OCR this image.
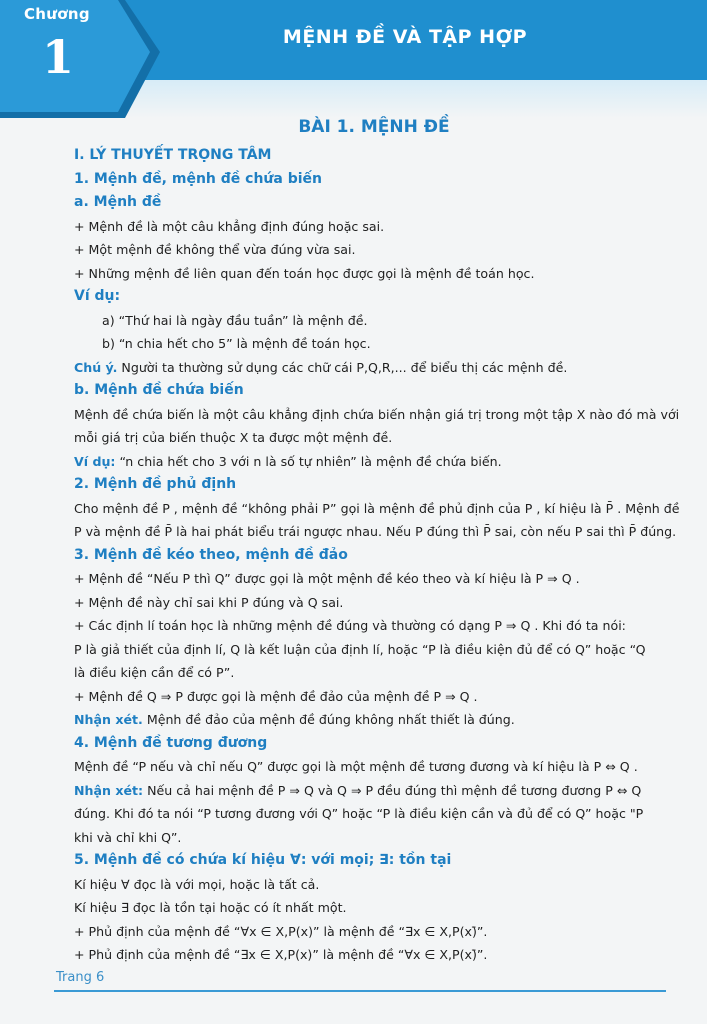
Chương
1	MỆNH ĐỀ VÀ TẬP HỢP
BÀI 1. MỆNH ĐỀ
I. LÝ THUYẾT TRỌNG TÂM
1. Mệnh đề, mệnh đề chứa biến
a. Mệnh đề
+ Mệnh đề là một câu khẳng định đúng hoặc sai.
+ Một mệnh đề không thể vừa đúng vừa sai.
+ Những mệnh đề liên quan đến toán học được gọi là mệnh đề toán học.
Ví dụ:
a) “Thứ hai là ngày đầu tuần” là mệnh đề.
b) “n chia hết cho 5” là mệnh đề toán học.
Chú ý. Người ta thường sử dụng các chữ cái P,Q,R,... để biểu thị các mệnh đề.
b. Mệnh đề chứa biến
Mệnh đề chứa biến là một câu khẳng định chứa biến nhận giá trị trong một tập X nào đó mà với
mỗi giá trị của biến thuộc X ta được một mệnh đề.
Ví dụ: “n chia hết cho 3 với n là số tự nhiên” là mệnh đề chứa biến.
2. Mệnh đề phủ định
Cho mệnh đề P , mệnh đề “không phải P” gọi là mệnh đề phủ định của P , kí hiệu là P̄ . Mệnh đề
P và mệnh đề P̄ là hai phát biểu trái ngược nhau. Nếu P đúng thì P̄ sai, còn nếu P sai thì P̄ đúng.
3. Mệnh đề kéo theo, mệnh đề đảo
+ Mệnh đề “Nếu P thì Q” được gọi là một mệnh đề kéo theo và kí hiệu là P ⇒ Q .
+ Mệnh đề này chỉ sai khi P đúng và Q sai.
+ Các định lí toán học là những mệnh đề đúng và thường có dạng P ⇒ Q . Khi đó ta nói:
P là giả thiết của định lí, Q là kết luận của định lí, hoặc “P là điều kiện đủ để có Q” hoặc “Q
là điều kiện cần để có P”.
+ Mệnh đề Q ⇒ P được gọi là mệnh đề đảo của mệnh đề P ⇒ Q .
Nhận xét. Mệnh đề đảo của mệnh đề đúng không nhất thiết là đúng.
4. Mệnh đề tương đương
Mệnh đề “P nếu và chỉ nếu Q” được gọi là một mệnh đề tương đương và kí hiệu là P ⇔ Q .
Nhận xét: Nếu cả hai mệnh đề P ⇒ Q và Q ⇒ P đều đúng thì mệnh đề tương đương P ⇔ Q
đúng. Khi đó ta nói “P tương đương với Q” hoặc “P là điều kiện cần và đủ để có Q” hoặc "P
khi và chỉ khi Q”.
5. Mệnh đề có chứa kí hiệu ∀: với mọi; ∃: tồn tại
Kí hiệu ∀ đọc là với mọi, hoặc là tất cả.
Kí hiệu ∃ đọc là tồn tại hoặc có ít nhất một.
+ Phủ định của mệnh đề “∀x ∈ X,P(x)” là mệnh đề “∃x ∈ X,P(x)̄”.
+ Phủ định của mệnh đề “∃x ∈ X,P(x)” là mệnh đề “∀x ∈ X,P(x)̄”.
Trang 6
